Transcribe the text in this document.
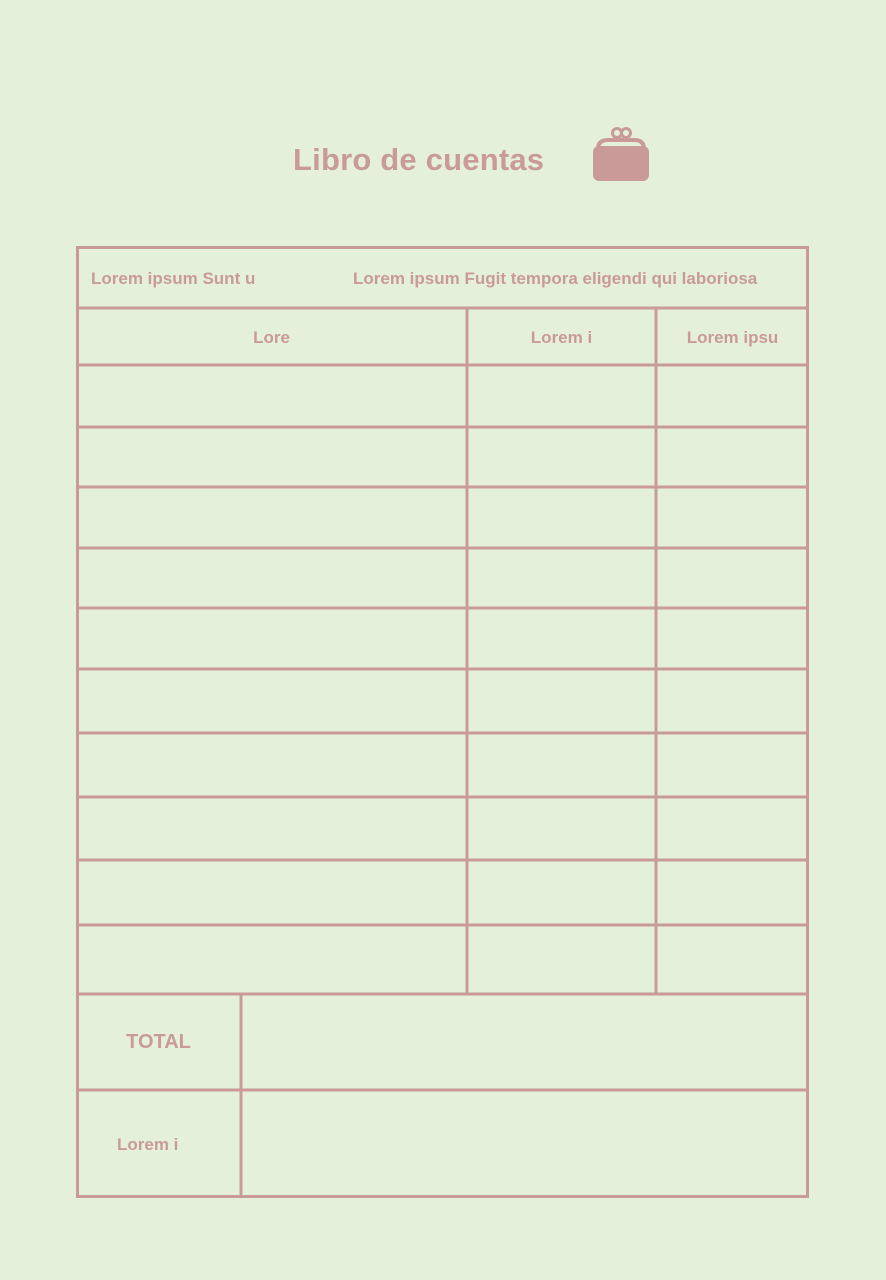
Libro de cuentas
Lorem ipsum Sunt u	Lorem ipsum Fugit tempora eligendi qui laboriosa
Lore	Lorem i	Lorem ipsu
TOTAL
Lorem i
